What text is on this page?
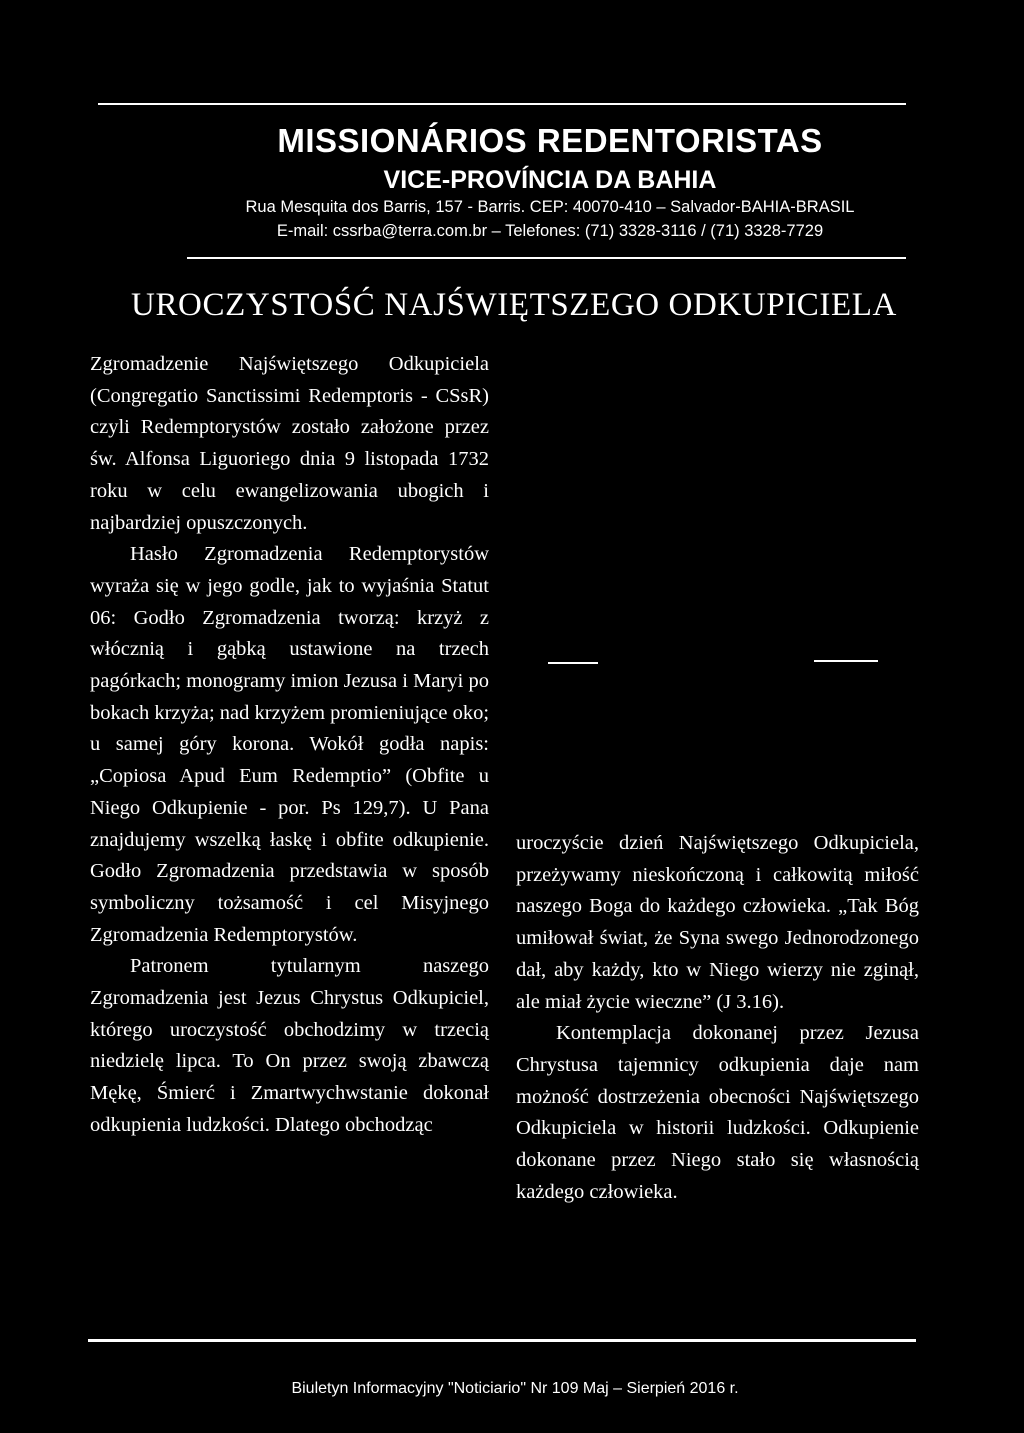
MISSIONÁRIOS REDENTORISTAS
VICE-PROVÍNCIA DA BAHIA
Rua Mesquita dos Barris, 157 - Barris. CEP: 40070-410 – Salvador-BAHIA-BRASIL
E-mail: cssrba@terra.com.br – Telefones: (71) 3328-3116 / (71) 3328-7729
UROCZYSTOŚĆ NAJŚWIĘTSZEGO ODKUPICIELA

Zgromadzenie Najświętszego Odkupiciela (Congregatio Sanctissimi Redemptoris - CSsR) czyli Redemptorystów zostało założone przez św. Alfonsa Liguoriego dnia 9 listopada 1732 roku w celu ewangelizowania ubogich i najbardziej opuszczonych.

Hasło Zgromadzenia Redemptorystów wyraża się w jego godle, jak to wyjaśnia Statut 06: Godło Zgromadzenia tworzą: krzyż z włócznią i gąbką ustawione na trzech pagórkach; monogramy imion Jezusa i Maryi po bokach krzyża; nad krzyżem promieniujące oko; u samej góry korona. Wokół godła napis: „Copiosa Apud Eum Redemptio” (Obfite u Niego Odkupienie - por. Ps 129,7). U Pana znajdujemy wszelką łaskę i obfite odkupienie. Godło Zgromadzenia przedstawia w sposób symboliczny tożsamość i cel Misyjnego Zgromadzenia Redemptorystów.

Patronem tytularnym naszego Zgromadzenia jest Jezus Chrystus Odkupiciel, którego uroczystość obchodzimy w trzecią niedzielę lipca. To On przez swoją zbawczą Mękę, Śmierć i Zmartwychwstanie dokonał odkupienia ludzkości. Dlatego obchodząc

uroczyście dzień Najświętszego Odkupiciela, przeżywamy nieskończoną i całkowitą miłość naszego Boga do każdego człowieka. „Tak Bóg umiłował świat, że Syna swego Jednorodzonego dał, aby każdy, kto w Niego wierzy nie zginął, ale miał życie wieczne” (J 3.16).

Kontemplacja dokonanej przez Jezusa Chrystusa tajemnicy odkupienia daje nam możność dostrzeżenia obecności Najświętszego Odkupiciela w historii ludzkości. Odkupienie dokonane przez Niego stało się własnością każdego człowieka.

Biuletyn Informacyjny "Noticiario" Nr 109 Maj – Sierpień 2016 r.
